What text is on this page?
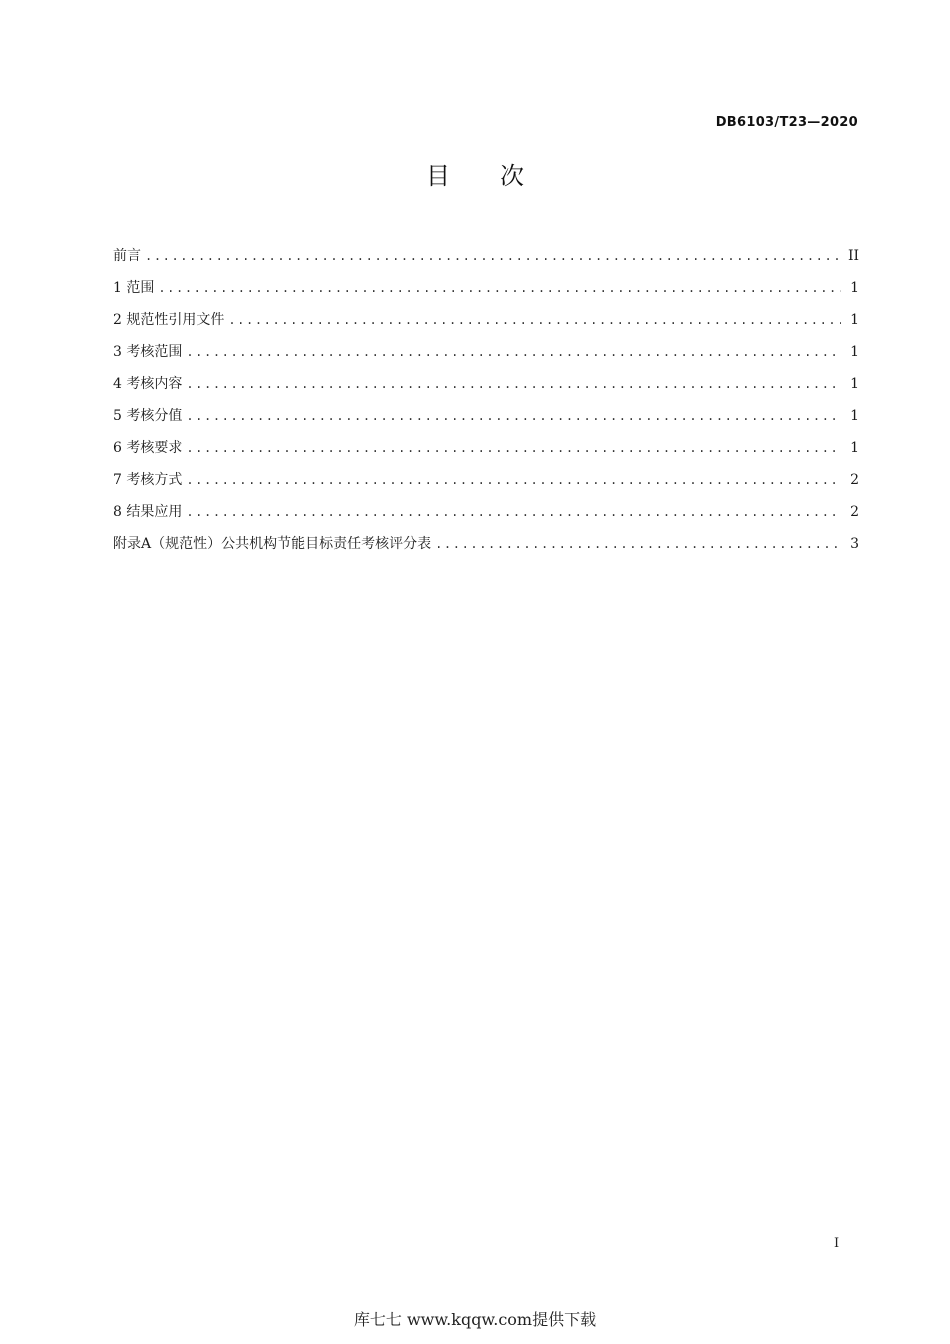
DB6103/T23—2020
目 次
前言 .....	II
1 范围 .....	1
2 规范性引用文件 .....	1
3 考核范围 .....	1
4 考核内容 .....	1
5 考核分值 .....	1
6 考核要求 .....	1
7 考核方式 .....	2
8 结果应用 .....	2
附录A（规范性）公共机构节能目标责任考核评分表 .....	3
I
库七七 www.kqqw.com提供下载
